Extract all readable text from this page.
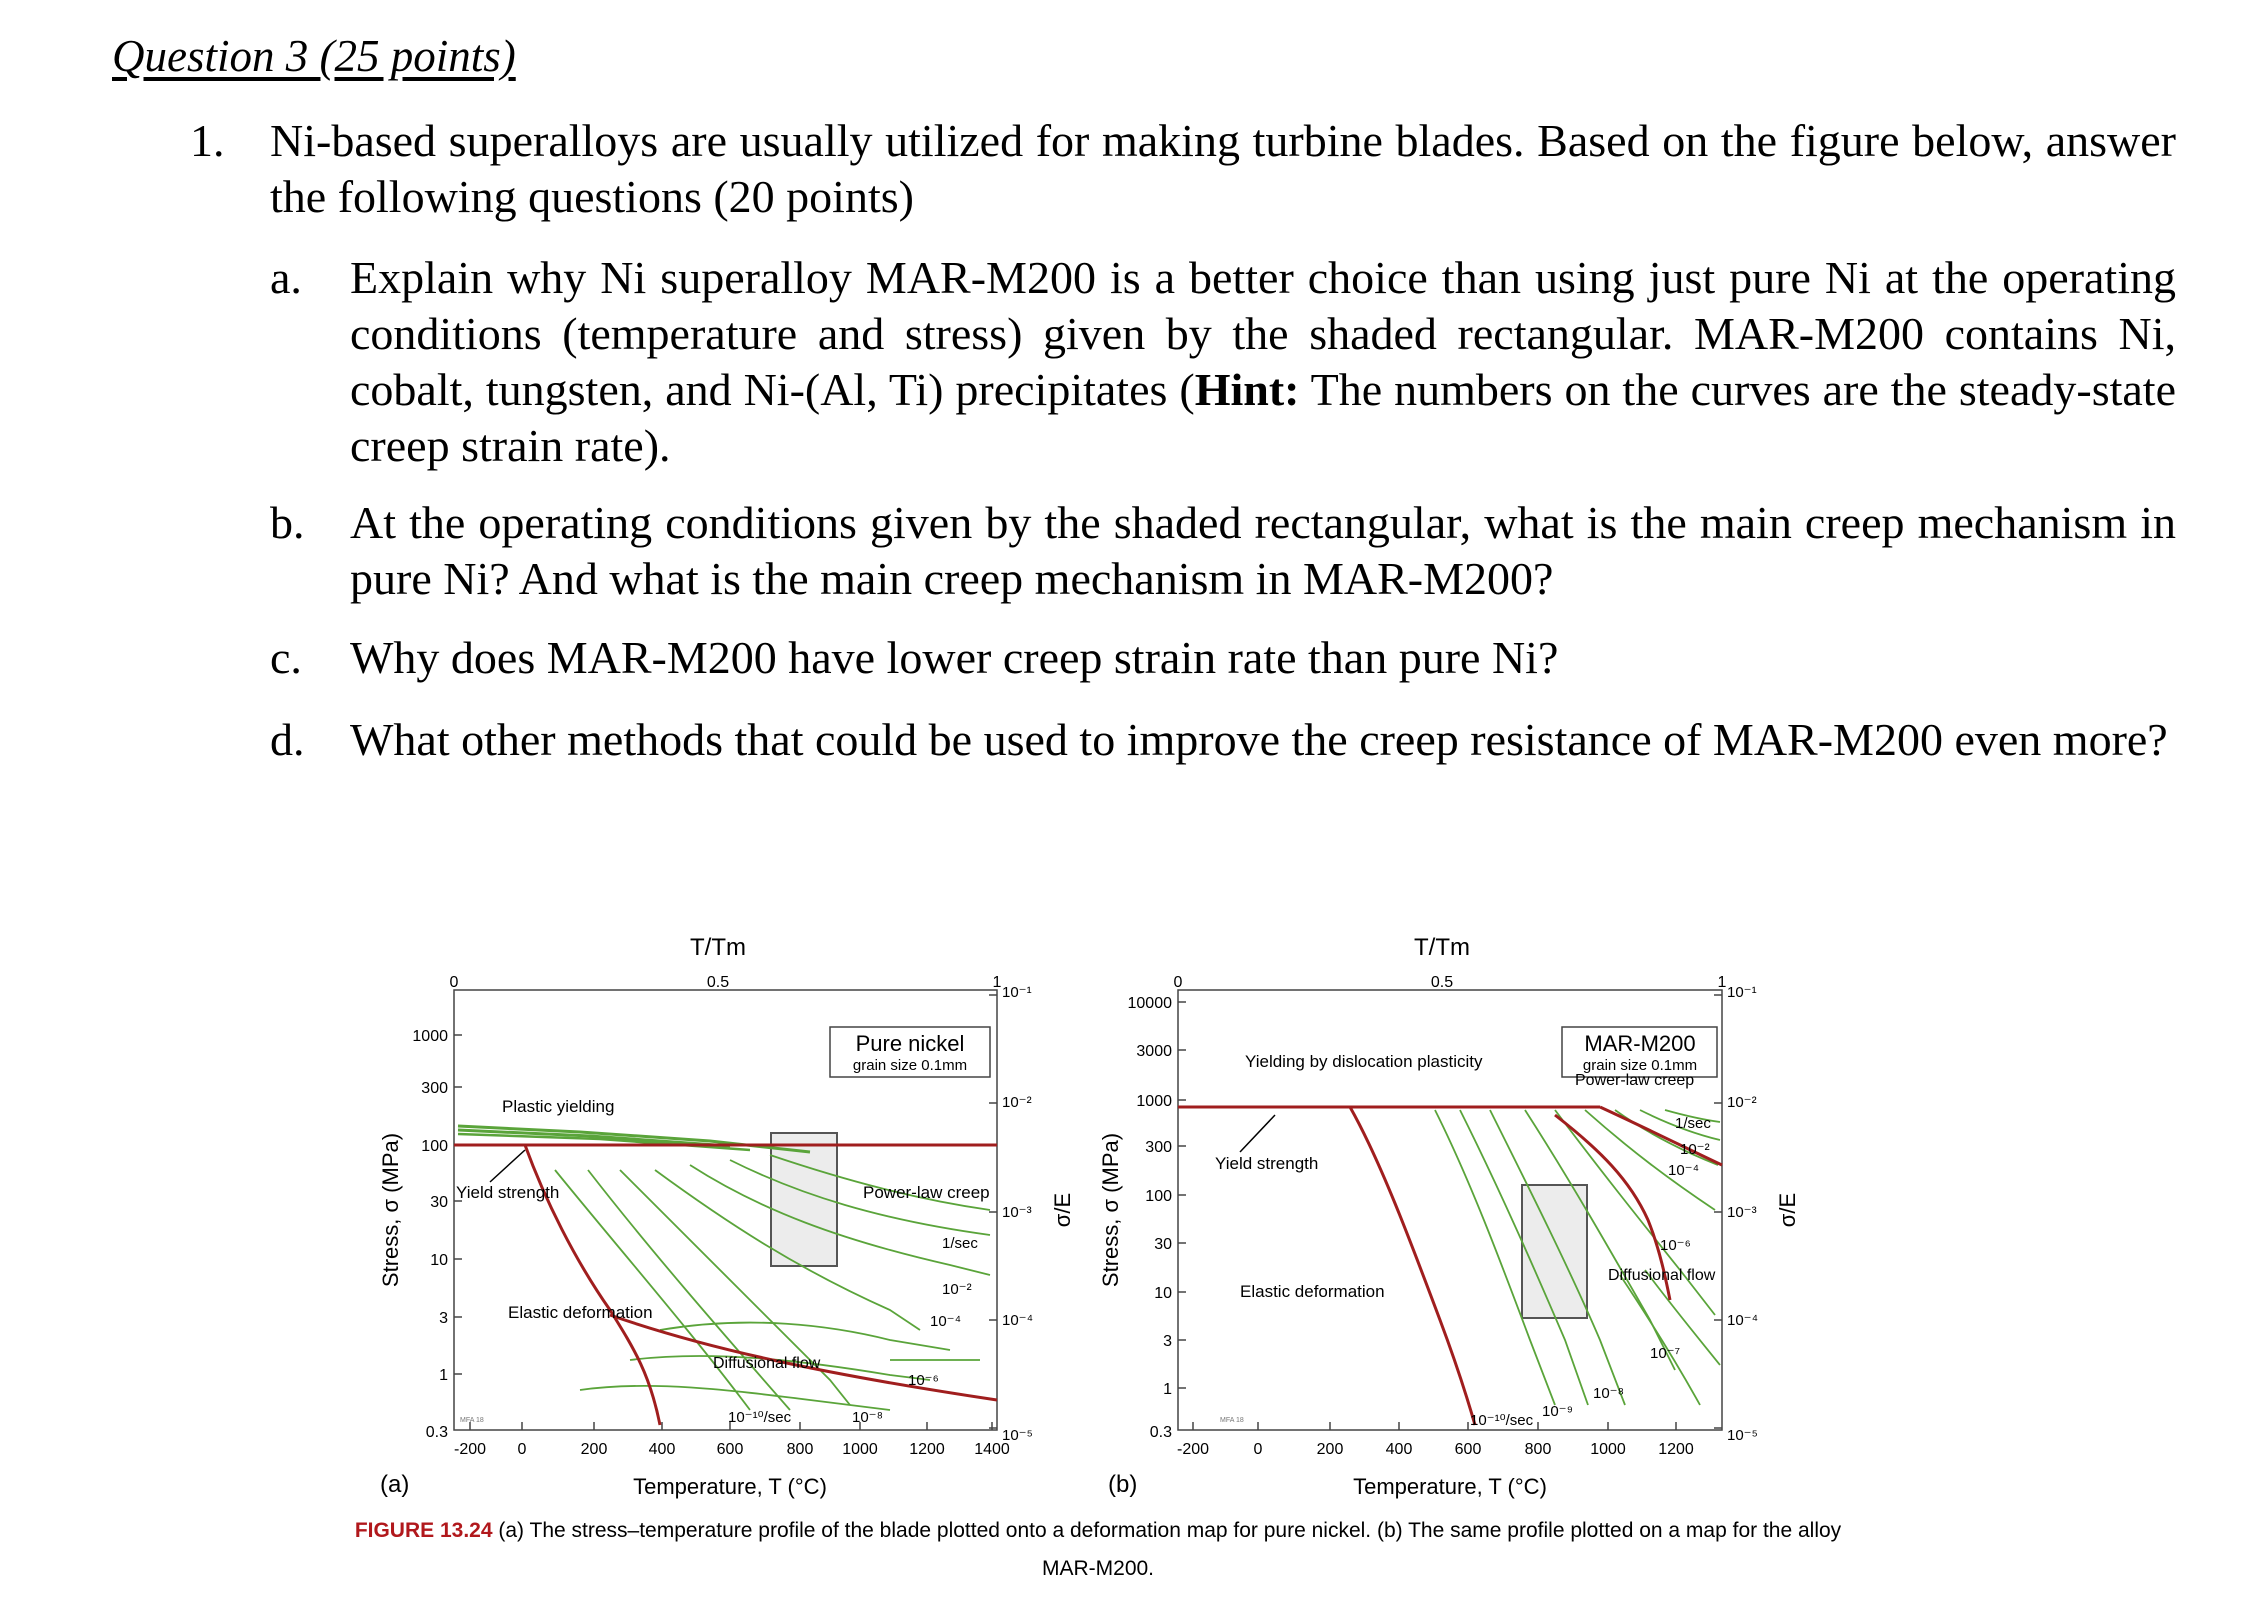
Question 3 (25 points)
1. Ni-based superalloys are usually utilized for making turbine blades. Based on the figure below, answer the following questions (20 points)
a. Explain why Ni superalloy MAR-M200 is a better choice than using just pure Ni at the operating conditions (temperature and stress) given by the shaded rectangular. MAR-M200 contains Ni, cobalt, tungsten, and Ni-(Al, Ti) precipitates (Hint: The numbers on the curves are the steady-state creep strain rate).
b. At the operating conditions given by the shaded rectangular, what is the main creep mechanism in pure Ni? And what is the main creep mechanism in MAR-M200?
c. Why does MAR-M200 have lower creep strain rate than pure Ni?
d. What other methods that could be used to improve the creep resistance of MAR-M200 even more?
T/Tm
0	0.5	1
1000
300
100
30
10
3
1
0.3
Stress, σ (MPa)
10⁻¹
10⁻²
10⁻³
10⁻⁴
10⁻⁵
σ/E
-200 0	200	400	600	800 1000 1200 1400
Temperature, T (°C)
(a)
MFA 18
Pure nickel
grain size 0.1mm
Plastic yielding
Yield strength
Elastic deformation
Power-law creep
Diffusional flow
1/sec
10⁻²
10⁻⁴
10⁻⁶
10⁻⁸
10⁻¹⁰/sec
T/Tm
0	0.5	1
10000
3000
1000
300
100
30
10
3
1
0.3
Stress, σ (MPa)
10⁻¹
10⁻²
10⁻³
10⁻⁴
10⁻⁵
σ/E
-200	0	200	400	600	800 1000 1200
Temperature, T (°C)
(b)
MFA 18
MAR-M200
grain size 0.1mm
Yielding by dislocation plasticity
Yield strength
Elastic deformation
Power-law creep
Diffusional flow
1/sec
10⁻²
10⁻⁴
10⁻⁶
10⁻⁷
10⁻⁸
10⁻⁹
10⁻¹⁰/sec
FIGURE 13.24 (a) The stress–temperature profile of the blade plotted onto a deformation map for pure nickel. (b) The same profile plotted on a map for the alloy MAR-M200.
